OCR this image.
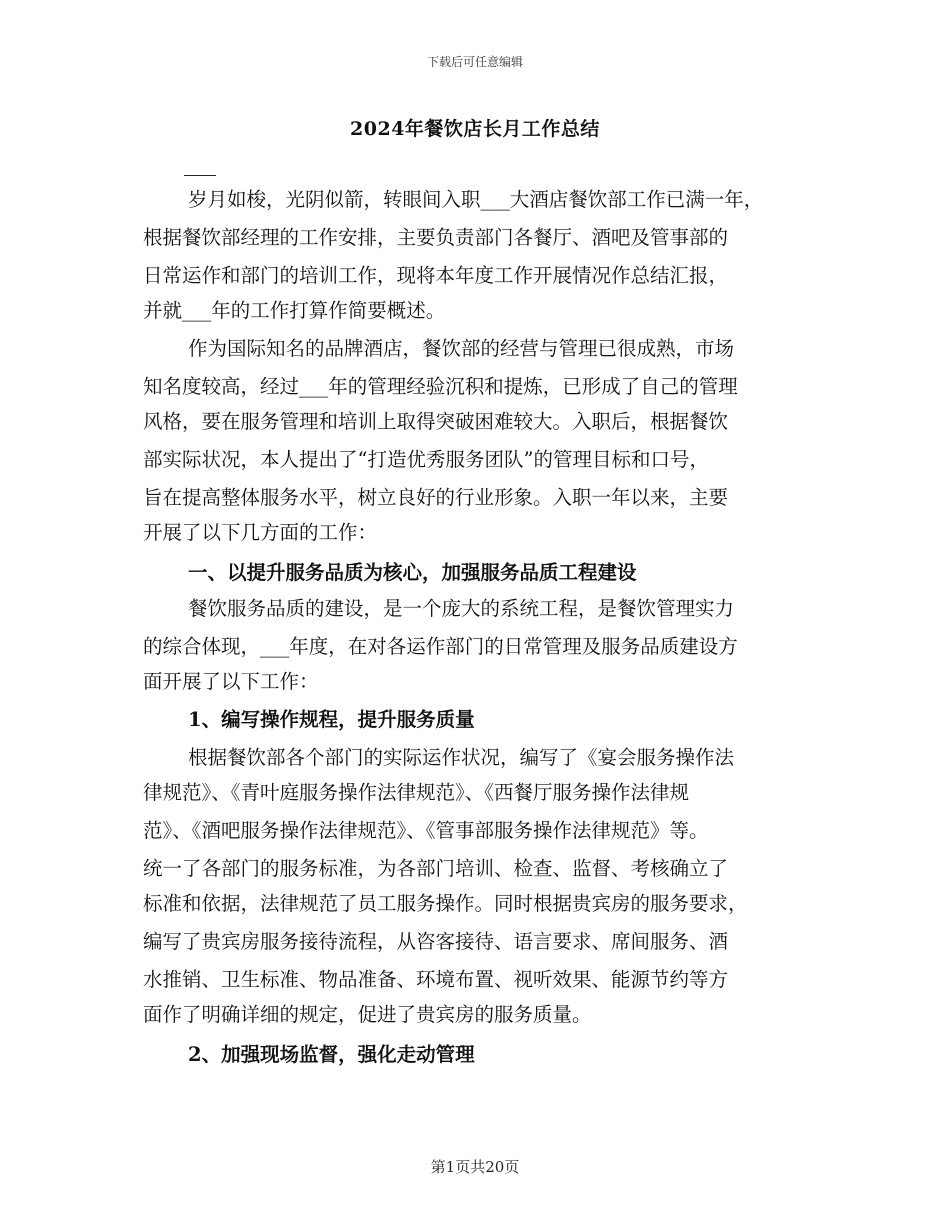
下载后可任意编辑
2024年餐饮店长月工作总结
岁月如梭，光阴似箭，转眼间入职___大酒店餐饮部工作已满一年，
根据餐饮部经理的工作安排，主要负责部门各餐厅、酒吧及管事部的
日常运作和部门的培训工作，现将本年度工作开展情况作总结汇报，
并就___年的工作打算作简要概述。
作为国际知名的品牌酒店，餐饮部的经营与管理已很成熟，市场
知名度较高，经过___年的管理经验沉积和提炼，已形成了自己的管理
风格，要在服务管理和培训上取得突破困难较大。入职后，根据餐饮
部实际状况，本人提出了“打造优秀服务团队”的管理目标和口号，
旨在提高整体服务水平，树立良好的行业形象。入职一年以来，主要
开展了以下几方面的工作：
一、以提升服务品质为核心，加强服务品质工程建设
餐饮服务品质的建设，是一个庞大的系统工程，是餐饮管理实力
的综合体现，___年度，在对各运作部门的日常管理及服务品质建设方
面开展了以下工作：
1、编写操作规程，提升服务质量
根据餐饮部各个部门的实际运作状况，编写了《宴会服务操作法
律规范》、《青叶庭服务操作法律规范》、《西餐厅服务操作法律规
范》、《酒吧服务操作法律规范》、《管事部服务操作法律规范》等。
统一了各部门的服务标准，为各部门培训、检查、监督、考核确立了
标准和依据，法律规范了员工服务操作。同时根据贵宾房的服务要求，
编写了贵宾房服务接待流程，从咨客接待、语言要求、席间服务、酒
水推销、卫生标准、物品准备、环境布置、视听效果、能源节约等方
面作了明确详细的规定，促进了贵宾房的服务质量。
2、加强现场监督，强化走动管理
第1页共20页
